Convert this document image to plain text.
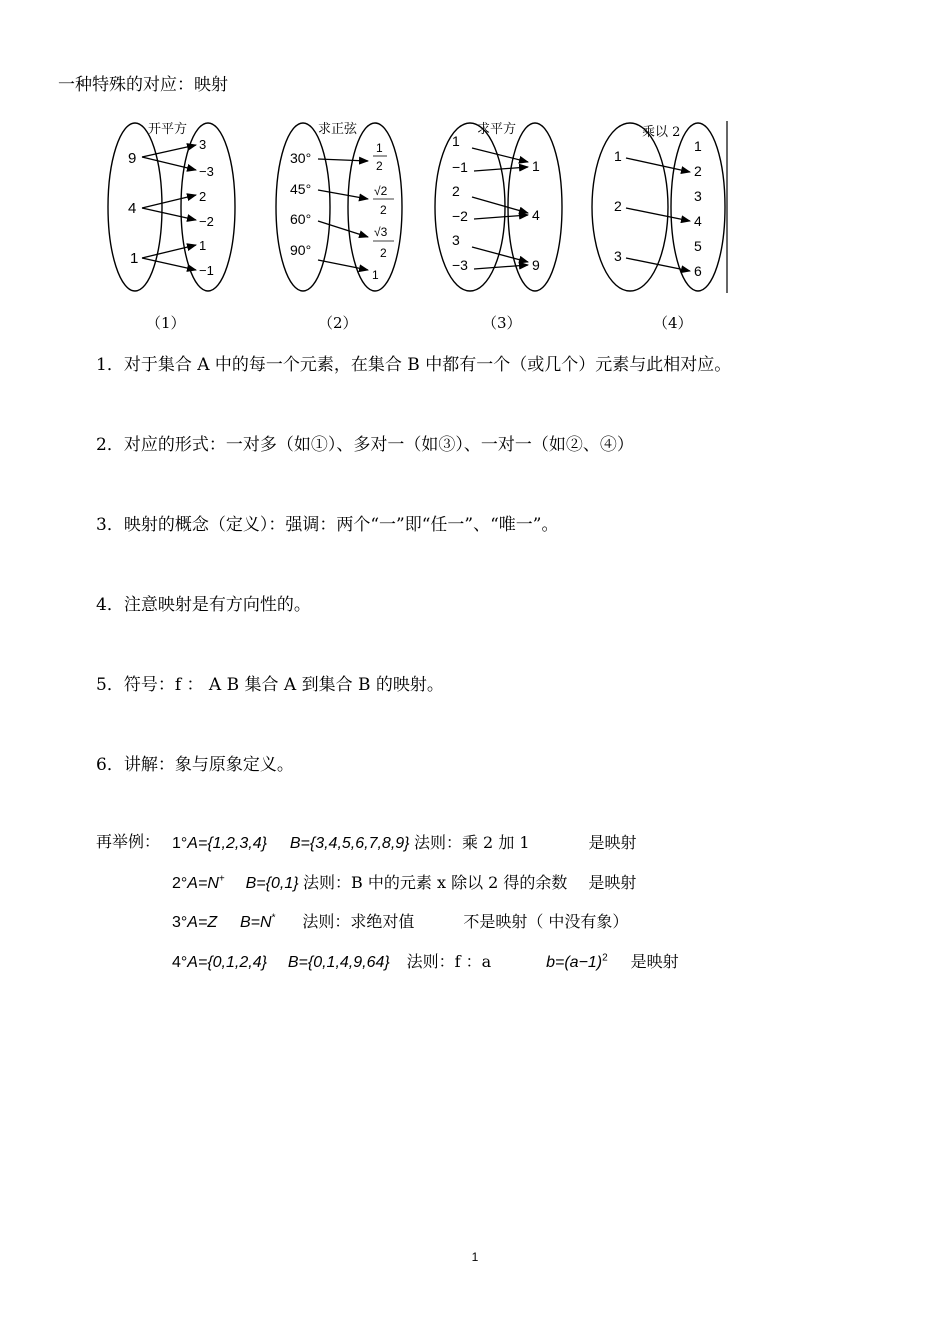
一种特殊的对应：映射
开平方
9
4
1
3
−3
2
−2
1
−1
求正弦
30°
45°
60°
90°
1
2
√2
2
√3
2
1
求平方
1
−1
2
−2
3
−3
1
4
9
乘以 2
1
2
3
1
2
3
4
5
6
（1）	（2）	（3）	（4）
1．对于集合 A 中的每一个元素，在集合 B 中都有一个（或几个）元素与此相对应。
2．对应的形式：一对多（如①）、多对一（如③）、一对一（如②、④）
3．映射的概念（定义）：强调：两个“一”即“任一”、“唯一”。
4．注意映射是有方向性的。
5．符号：f ： A B 集合 A 到集合 B 的映射。
6．讲解：象与原象定义。
再举例： 1°A={1,2,3,4} B={3,4,5,6,7,8,9} 法则：乘 2 加 1	是映射
2°A=N+ B={0,1} 法则：B 中的元素 x 除以 2 得的余数 是映射
3°A=Z B=N* 法则：求绝对值	不是映射（ 中没有象）
4°A={0,1,2,4} B={0,1,4,9,64} 法则：f ：a	$b=(a-1)^2$ 是映射
1
